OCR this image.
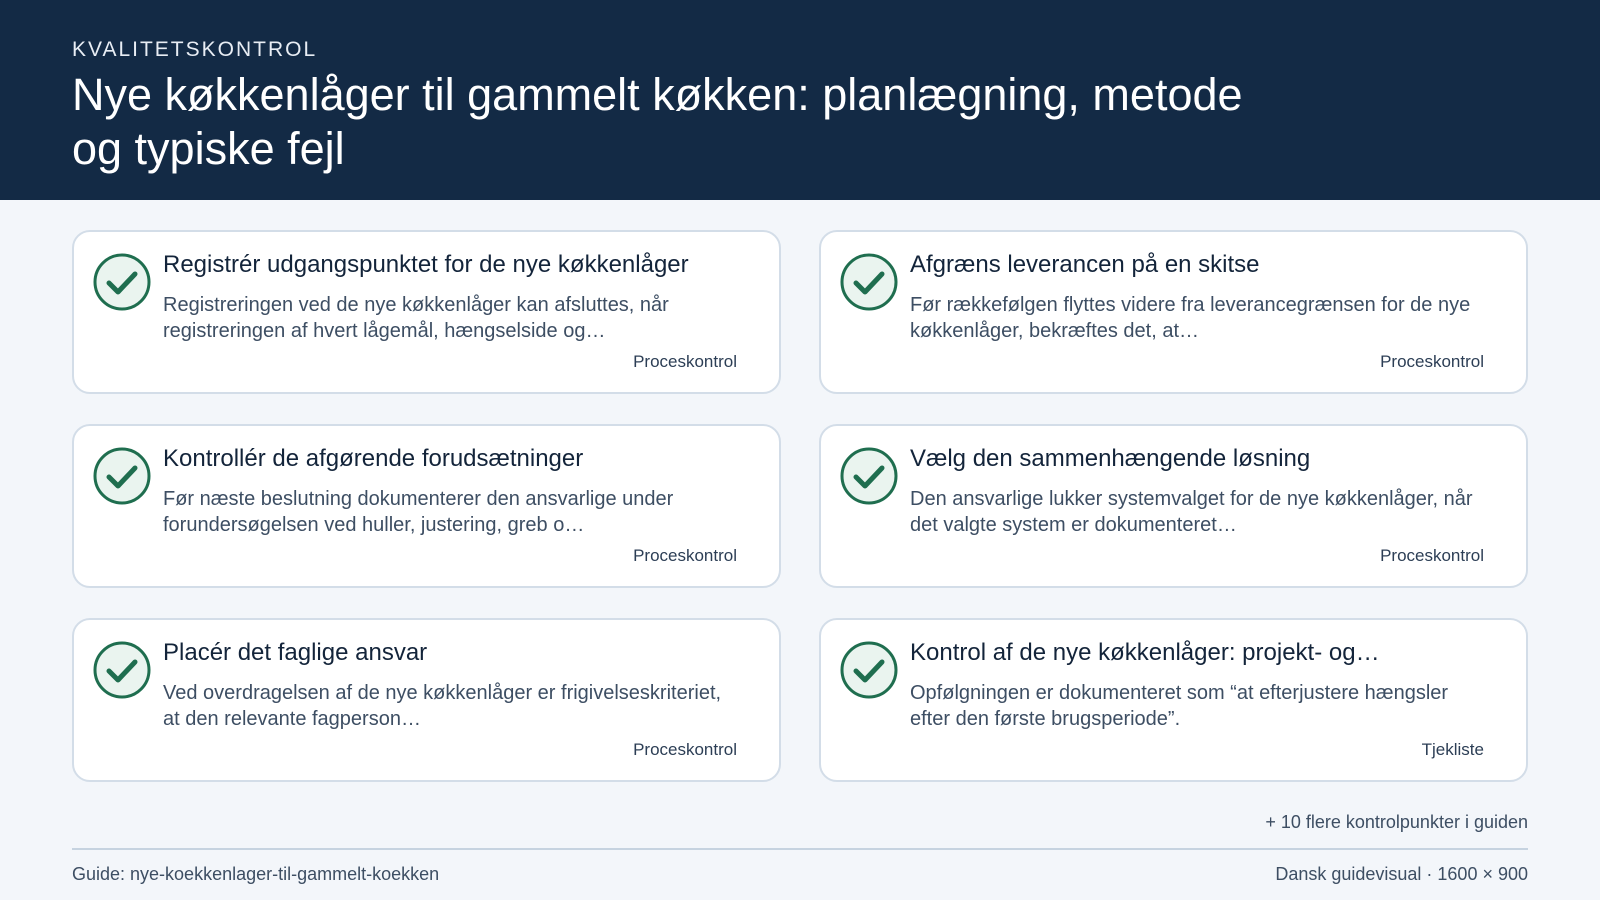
KVALITETSKONTROL
Nye køkkenlåger til gammelt køkken: planlægning, metode og typiske fejl
Registrér udgangspunktet for de nye køkkenlåger
Registreringen ved de nye køkkenlåger kan afsluttes, når registreringen af hvert lågemål, hængselside og…
Proceskontrol
Afgræns leverancen på en skitse
Før rækkefølgen flyttes videre fra leverancegrænsen for de nye køkkenlåger, bekræftes det, at…
Proceskontrol
Kontrollér de afgørende forudsætninger
Før næste beslutning dokumenterer den ansvarlige under forundersøgelsen ved huller, justering, greb o…
Proceskontrol
Vælg den sammenhængende løsning
Den ansvarlige lukker systemvalget for de nye køkkenlåger, når det valgte system er dokumenteret…
Proceskontrol
Placér det faglige ansvar
Ved overdragelsen af de nye køkkenlåger er frigivelseskriteriet, at den relevante fagperson…
Proceskontrol
Kontrol af de nye køkkenlåger: projekt- og…
Opfølgningen er dokumenteret som “at efterjustere hængsler efter den første brugsperiode”.
Tjekliste
+ 10 flere kontrolpunkter i guiden
Guide: nye-koekkenlager-til-gammelt-koekken	Dansk guidevisual · 1600 × 900
